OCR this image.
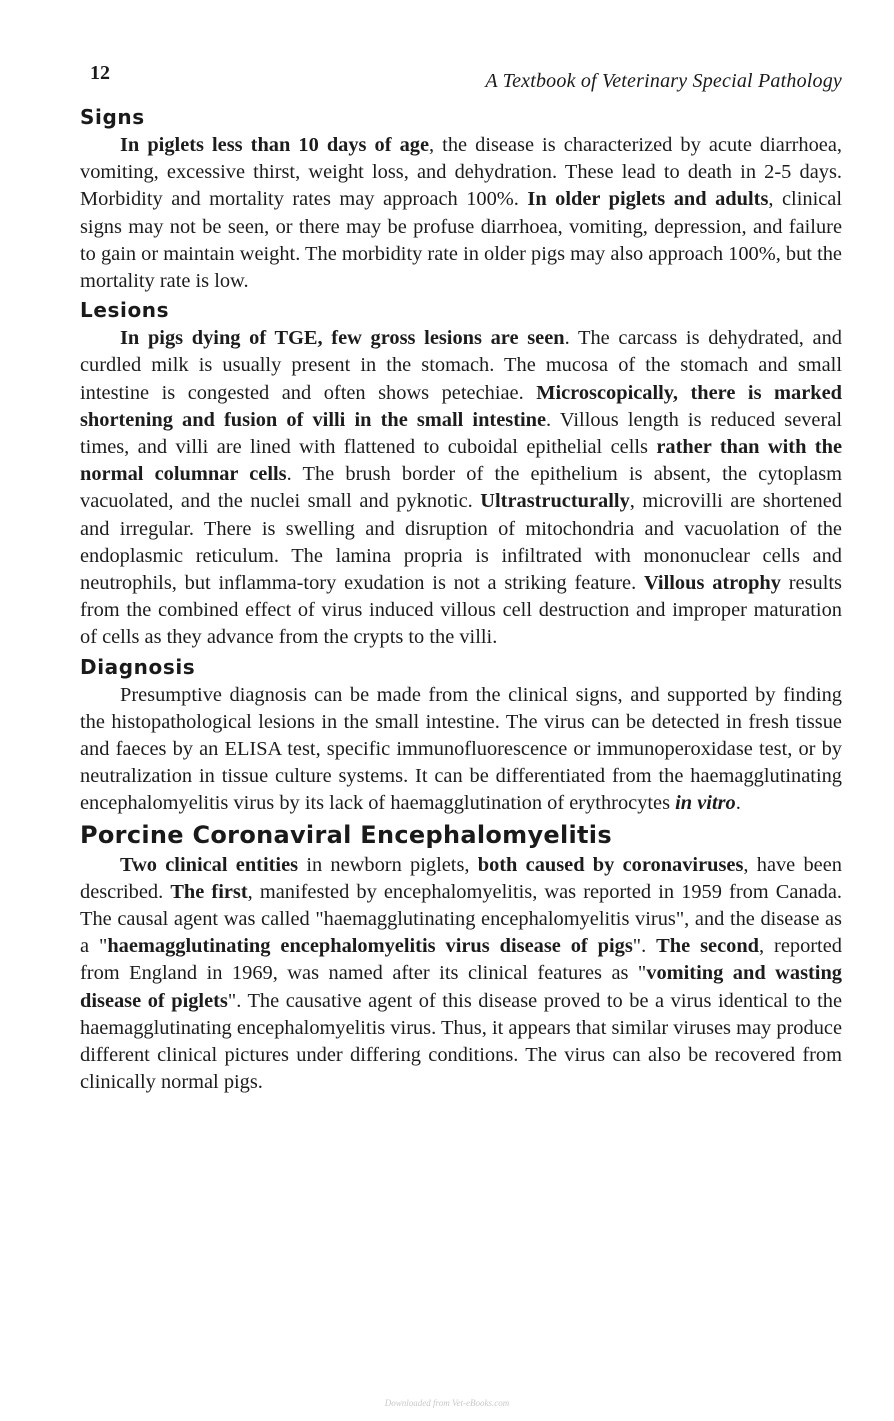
12	A Textbook of Veterinary Special Pathology
Signs

In piglets less than 10 days of age, the disease is characterized by acute diarrhoea, vomiting, excessive thirst, weight loss, and dehydration. These lead to death in 2-5 days. Morbidity and mortality rates may approach 100%. In older piglets and adults, clinical signs may not be seen, or there may be profuse diarrhoea, vomiting, depression, and failure to gain or maintain weight. The morbidity rate in older pigs may also approach 100%, but the mortality rate is low.

Lesions

In pigs dying of TGE, few gross lesions are seen. The carcass is dehydrated, and curdled milk is usually present in the stomach. The mucosa of the stomach and small intestine is congested and often shows petechiae. Microscopically, there is marked shortening and fusion of villi in the small intestine. Villous length is reduced several times, and villi are lined with flattened to cuboidal epithelial cells rather than with the normal columnar cells. The brush border of the epithelium is absent, the cytoplasm vacuolated, and the nuclei small and pyknotic. Ultrastructurally, microvilli are shortened and irregular. There is swelling and disruption of mitochondria and vacuolation of the endoplasmic reticulum. The lamina propria is infiltrated with mononuclear cells and neutrophils, but inflamma-tory exudation is not a striking feature. Villous atrophy results from the combined effect of virus induced villous cell destruction and improper maturation of cells as they advance from the crypts to the villi.

Diagnosis

Presumptive diagnosis can be made from the clinical signs, and supported by finding the histopathological lesions in the small intestine. The virus can be detected in fresh tissue and faeces by an ELISA test, specific immunofluorescence or immunoperoxidase test, or by neutralization in tissue culture systems. It can be differentiated from the haemagglutinating encephalomyelitis virus by its lack of haemagglutination of erythrocytes in vitro.

Porcine Coronaviral Encephalomyelitis

Two clinical entities in newborn piglets, both caused by coronaviruses, have been described. The first, manifested by encephalomyelitis, was reported in 1959 from Canada. The causal agent was called "haemagglutinating encephalomyelitis virus", and the disease as a "haemagglutinating encephalomyelitis virus disease of pigs". The second, reported from England in 1969, was named after its clinical features as "vomiting and wasting disease of piglets". The causative agent of this disease proved to be a virus identical to the haemagglutinating encephalomyelitis virus. Thus, it appears that similar viruses may produce different clinical pictures under differing conditions. The virus can also be recovered from clinically normal pigs.

Downloaded from Vet-eBooks.com
